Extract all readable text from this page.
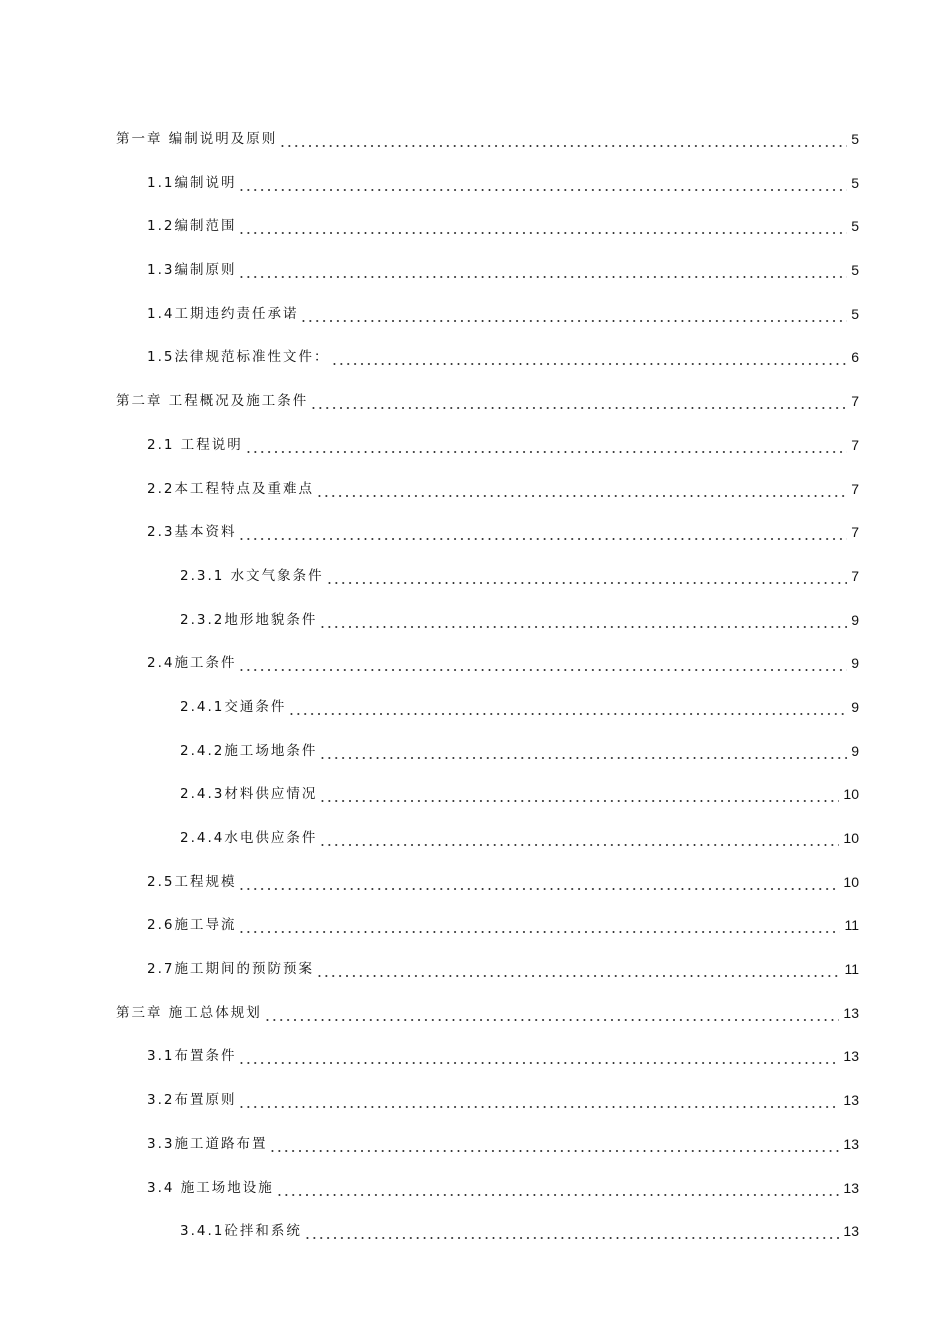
第一章 编制说明及原则	5
1.1编制说明	5
1.2编制范围	5
1.3编制原则	5
1.4工期违约责任承诺	5
1.5法律规范标准性文件：	6
第二章 工程概况及施工条件	7
2.1 工程说明	7
2.2本工程特点及重难点	7
2.3基本资料	7
2.3.1 水文气象条件	7
2.3.2地形地貌条件	9
2.4施工条件	9
2.4.1交通条件	9
2.4.2施工场地条件	9
2.4.3材料供应情况	10
2.4.4水电供应条件	10
2.5工程规模	10
2.6施工导流	11
2.7施工期间的预防预案	11
第三章 施工总体规划	13
3.1布置条件	13
3.2布置原则	13
3.3施工道路布置	13
3.4 施工场地设施	13
3.4.1砼拌和系统	13
